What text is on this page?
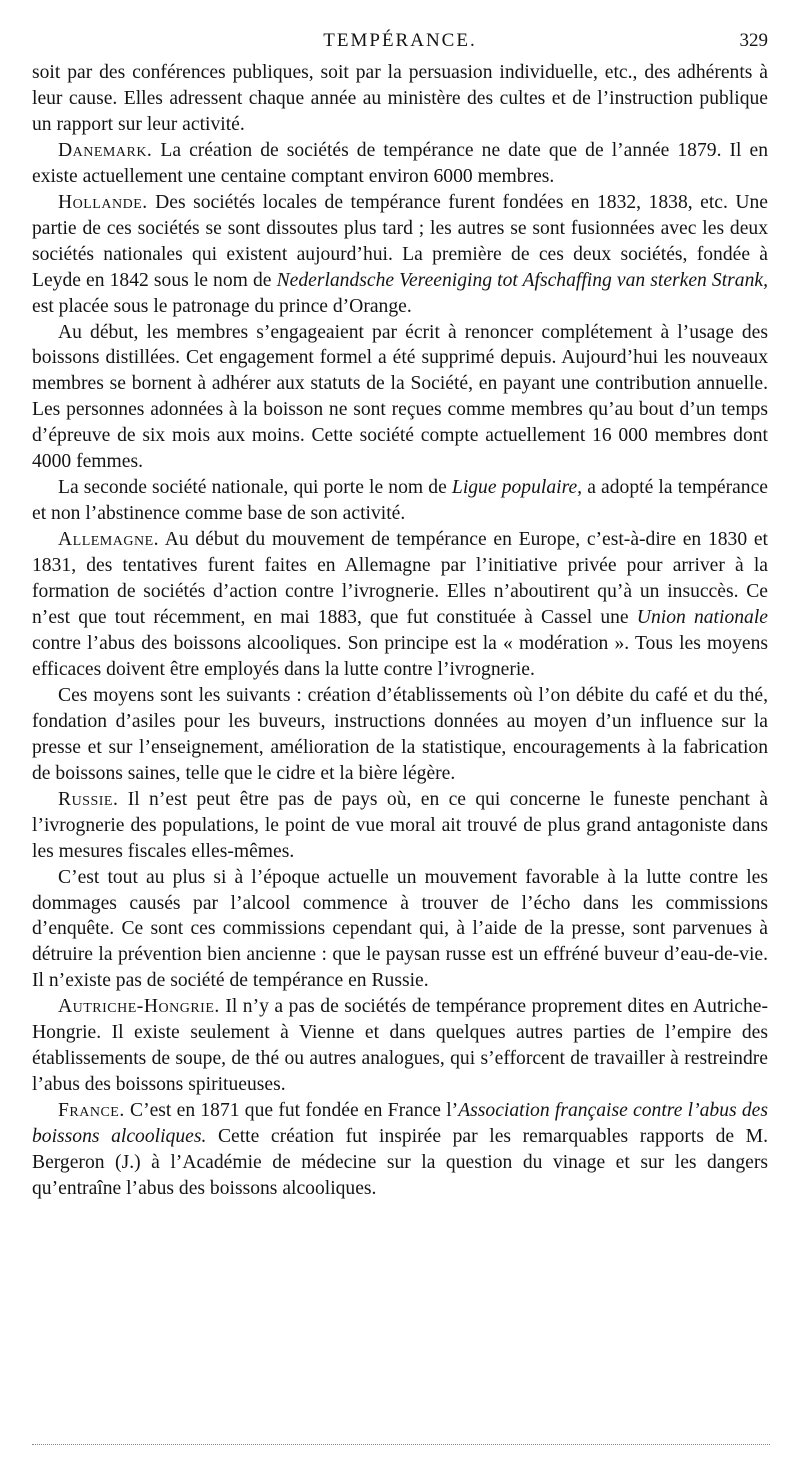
TEMPÉRANCE.	329

soit par des conférences publiques, soit par la persuasion individuelle, etc., des adhérents à leur cause. Elles adressent chaque année au ministère des cultes et de l’instruction publique un rapport sur leur activité.

Danemark. La création de sociétés de tempérance ne date que de l’année 1879. Il en existe actuellement une centaine comptant environ 6000 membres.

Hollande. Des sociétés locales de tempérance furent fondées en 1832, 1838, etc. Une partie de ces sociétés se sont dissoutes plus tard ; les autres se sont fusionnées avec les deux sociétés nationales qui existent aujourd’hui. La première de ces deux sociétés, fondée à Leyde en 1842 sous le nom de Nederlandsche Vereeniging tot Afschaffing van sterken Strank, est placée sous le patronage du prince d’Orange.

Au début, les membres s’engageaient par écrit à renoncer complétement à l’usage des boissons distillées. Cet engagement formel a été supprimé depuis. Aujourd’hui les nouveaux membres se bornent à adhérer aux statuts de la Société, en payant une contribution annuelle. Les personnes adonnées à la boisson ne sont reçues comme membres qu’au bout d’un temps d’épreuve de six mois aux moins. Cette société compte actuellement 16 000 membres dont 4000 femmes.

La seconde société nationale, qui porte le nom de Ligue populaire, a adopté la tempérance et non l’abstinence comme base de son activité.

Allemagne. Au début du mouvement de tempérance en Europe, c’est-à-dire en 1830 et 1831, des tentatives furent faites en Allemagne par l’initiative privée pour arriver à la formation de sociétés d’action contre l’ivrognerie. Elles n’aboutirent qu’à un insuccès. Ce n’est que tout récemment, en mai 1883, que fut constituée à Cassel une Union nationale contre l’abus des boissons alcooliques. Son principe est la « modération ». Tous les moyens efficaces doivent être employés dans la lutte contre l’ivrognerie.

Ces moyens sont les suivants : création d’établissements où l’on débite du café et du thé, fondation d’asiles pour les buveurs, instructions données au moyen d’un influence sur la presse et sur l’enseignement, amélioration de la statistique, encouragements à la fabrication de boissons saines, telle que le cidre et la bière légère.

Russie. Il n’est peut être pas de pays où, en ce qui concerne le funeste penchant à l’ivrognerie des populations, le point de vue moral ait trouvé de plus grand antagoniste dans les mesures fiscales elles-mêmes.

C’est tout au plus si à l’époque actuelle un mouvement favorable à la lutte contre les dommages causés par l’alcool commence à trouver de l’écho dans les commissions d’enquête. Ce sont ces commissions cependant qui, à l’aide de la presse, sont parvenues à détruire la prévention bien ancienne : que le paysan russe est un effréné buveur d’eau-de-vie. Il n’existe pas de société de tempérance en Russie.

Autriche-Hongrie. Il n’y a pas de sociétés de tempérance proprement dites en Autriche-Hongrie. Il existe seulement à Vienne et dans quelques autres parties de l’empire des établissements de soupe, de thé ou autres analogues, qui s’efforcent de travailler à restreindre l’abus des boissons spiritueuses.

France. C’est en 1871 que fut fondée en France l’Association française contre l’abus des boissons alcooliques. Cette création fut inspirée par les remarquables rapports de M. Bergeron (J.) à l’Académie de médecine sur la question du vinage et sur les dangers qu’entraîne l’abus des boissons alcooliques.
